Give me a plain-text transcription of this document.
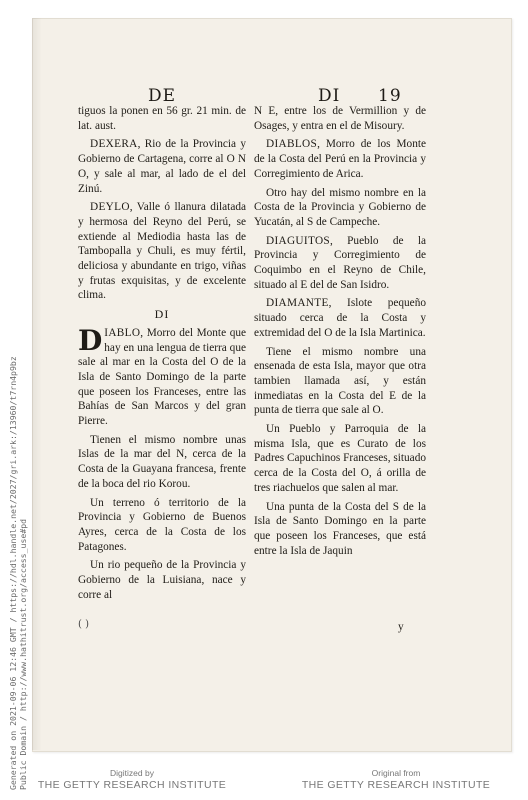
DE	DI 19

tiguos la ponen en 56 gr. 21 min. de lat. aust.

DEXERA, Rio de la Provincia y Gobierno de Cartagena, corre al O N O, y sale al mar, al lado de el del Zinú.

DEYLO, Valle ó llanura dilatada y hermosa del Reyno del Perú, se extiende al Mediodia hasta las de Tambopalla y Chuli, es muy fértil, deliciosa y abundante en trigo, viñas y frutas exquisitas, y de excelente clima.

DI

DIABLO, Morro del Monte que hay en una lengua de tierra que sale al mar en la Costa del O de la Isla de Santo Domingo de la parte que poseen los Franceses, entre las Bahías de San Marcos y del gran Pierre.

Tienen el mismo nombre unas Islas de la mar del N, cerca de la Costa de la Guayana francesa, frente de la boca del rio Korou.

Un terreno ó territorio de la Provincia y Gobierno de Buenos Ayres, cerca de la Costa de los Patagones.

Un rio pequeño de la Provincia y Gobierno de la Luisiana, nace y corre al

N E, entre los de Vermillion y de Osages, y entra en el de Misoury.

DIABLOS, Morro de los Monte de la Costa del Perú en la Provincia y Corregimiento de Arica.

Otro hay del mismo nombre en la Costa de la Provincia y Gobierno de Yucatán, al S de Campeche.

DIAGUITOS, Pueblo de la Provincia y Corregimiento de Coquimbo en el Reyno de Chile, situado al E del de San Isidro.

DIAMANTE, Islote pequeño situado cerca de la Costa y extremidad del O de la Isla Martinica.

Tiene el mismo nombre una ensenada de esta Isla, mayor que otra tambien llamada así, y están inmediatas en la Costa del E de la punta de tierra que sale al O.

Un Pueblo y Parroquia de la misma Isla, que es Curato de los Padres Capuchinos Franceses, situado cerca de la Costa del O, á orilla de tres riachuelos que salen al mar.

Una punta de la Costa del S de la Isla de Santo Domingo en la parte que poseen los Franceses, que está entre la Isla de Jaquin

( )	y
Generated on 2021-09-06 12:46 GMT / https://hdl.handle.net/2027/gri.ark:/13960/t7rn4p9bz Public Domain / http://www.hathitrust.org/access_use#pd	Digitized by
THE GETTY RESEARCH INSTITUTE
Original from
THE GETTY RESEARCH INSTITUTE
